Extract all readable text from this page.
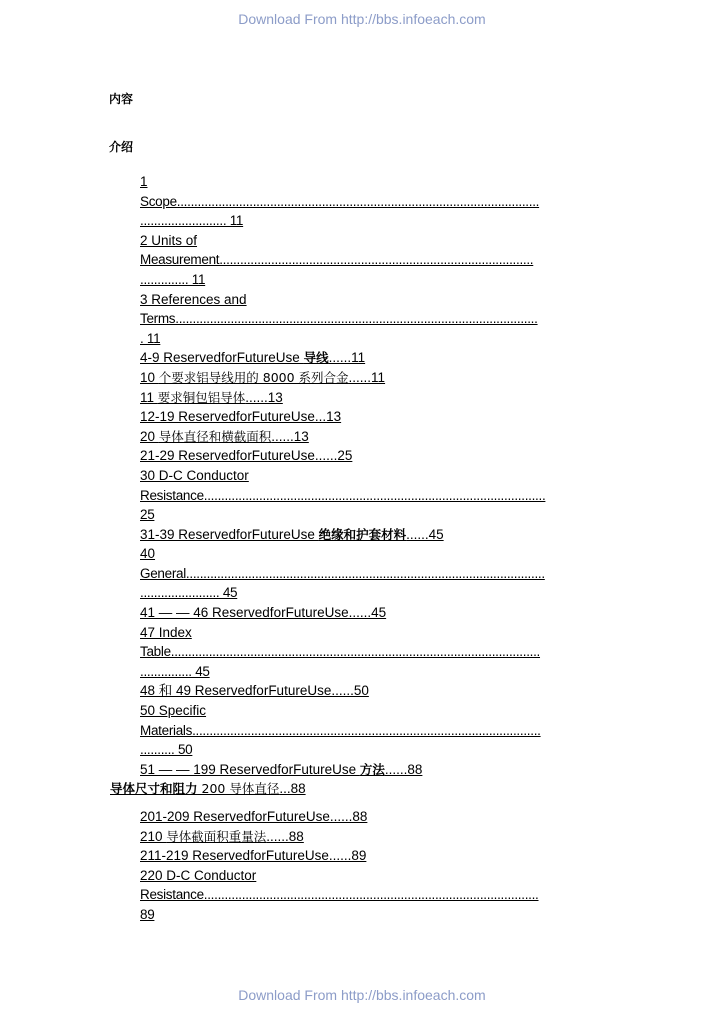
Download From http://bbs.infoeach.com
内容
介绍
1
Scope.........................................................................................................
......................... 11
2 Units of
Measurement...........................................................................................
.............. 11
3 References and
Terms.........................................................................................................
. 11
4-9 ReservedforFutureUse 导线......11
10 个要求铝导线用的 8000 系列合金......11
11 要求铜包铝导体......13
12-19 ReservedforFutureUse...13
20 导体直径和横截面积......13
21-29 ReservedforFutureUse......25
30 D-C Conductor
Resistance...................................................................................................
25
31-39 ReservedforFutureUse 绝缘和护套材料......45
40
General........................................................................................................
....................... 45
41 — — 46 ReservedforFutureUse......45
47 Index
Table...........................................................................................................
............... 45
48 和 49 ReservedforFutureUse......50
50 Specific
Materials.....................................................................................................
.......... 50
51 — — 199 ReservedforFutureUse 方法......88
导体尺寸和阻力 200 导体直径...88
201-209 ReservedforFutureUse......88
210 导体截面积重量法......88
211-219 ReservedforFutureUse......89
220 D-C Conductor
Resistance.................................................................................................
89
Download From http://bbs.infoeach.com
